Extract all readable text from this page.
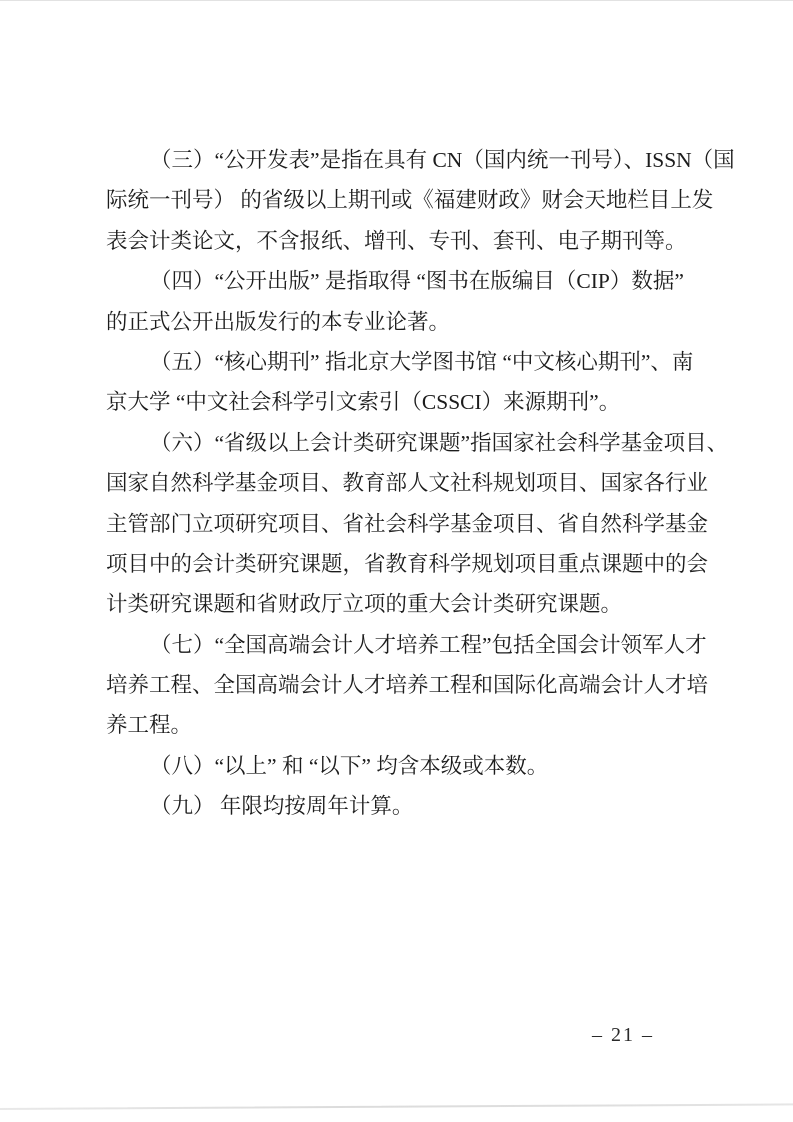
（三）“公开发表”是指在具有 CN（国内统一刊号）、ISSN（国
际统一刊号） 的省级以上期刊或《福建财政》财会天地栏目上发
表会计类论文，不含报纸、增刊、专刊、套刊、电子期刊等。
（四）“公开出版” 是指取得 “图书在版编目（CIP）数据”
的正式公开出版发行的本专业论著。
（五）“核心期刊” 指北京大学图书馆 “中文核心期刊”、南
京大学 “中文社会科学引文索引（CSSCI）来源期刊”。
（六）“省级以上会计类研究课题”指国家社会科学基金项目、
国家自然科学基金项目、教育部人文社科规划项目、国家各行业
主管部门立项研究项目、省社会科学基金项目、省自然科学基金
项目中的会计类研究课题，省教育科学规划项目重点课题中的会
计类研究课题和省财政厅立项的重大会计类研究课题。
（七）“全国高端会计人才培养工程”包括全国会计领军人才
培养工程、全国高端会计人才培养工程和国际化高端会计人才培
养工程。
（八）“以上” 和 “以下” 均含本级或本数。
（九） 年限均按周年计算。
– 21 –
